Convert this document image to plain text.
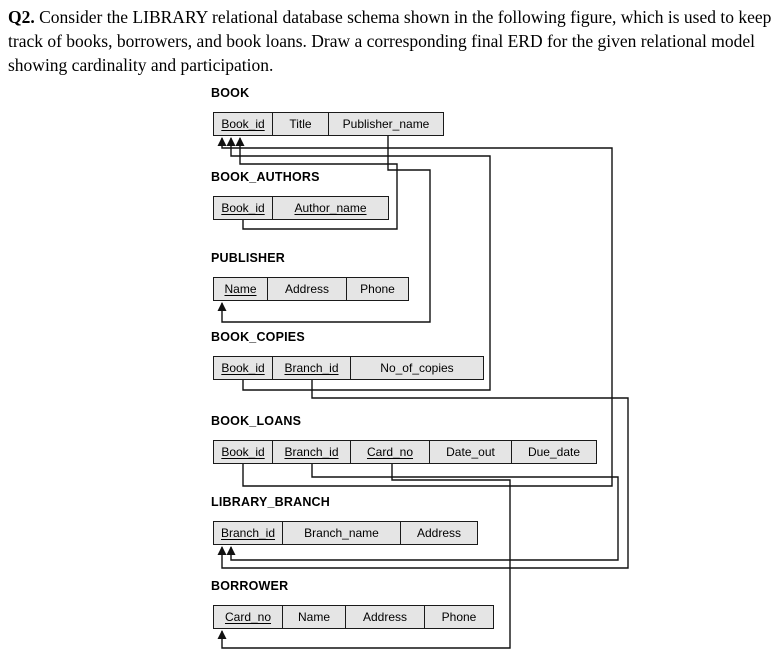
Q2. Consider the LIBRARY relational database schema shown in the following figure, which is used to keep track of books, borrowers, and book loans. Draw a corresponding final ERD for the given relational model showing cardinality and participation.

BOOK
Book_id	Title	Publisher_name
BOOK_AUTHORS
Book_id	Author_name
PUBLISHER
Name	Address	Phone
BOOK_COPIES
Book_id	Branch_id	No_of_copies
BOOK_LOANS
Book_id	Branch_id	Card_no	Date_out	Due_date
LIBRARY_BRANCH
Branch_id	Branch_name	Address
BORROWER
Card_no	Name	Address	Phone
